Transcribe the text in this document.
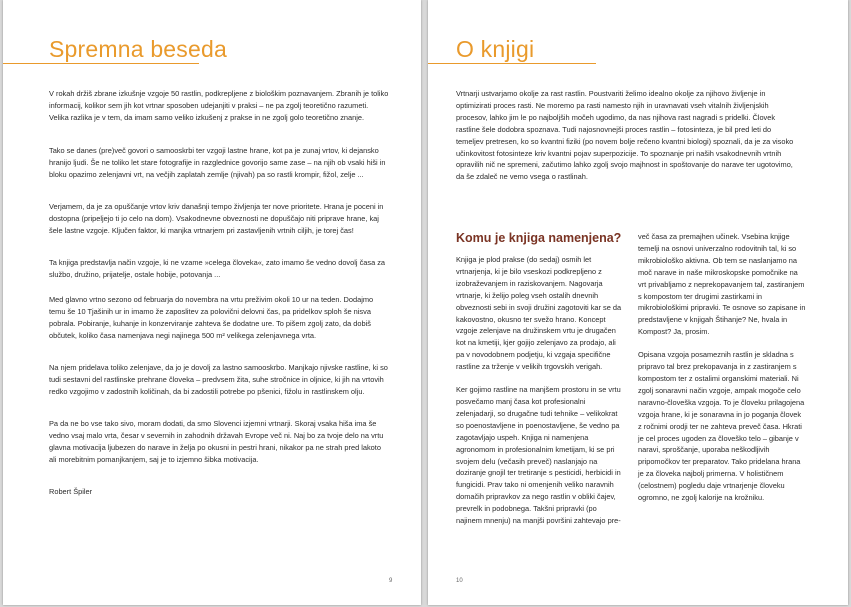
Spremna beseda

V rokah držiš zbrane izkušnje vzgoje 50 rastlin, podkrepljene z biološkim poznavanjem. Zbranih je toliko informacij, kolikor sem jih kot vrtnar sposoben udejanjiti v praksi – ne pa zgolj teoretično razumeti. Velika razlika je v tem, da imam samo veliko izkušenj z prakse in ne zgolj golo teoretično znanje.

Tako se danes (pre)več govori o samooskrbi ter vzgoji lastne hrane, kot pa je zunaj vrtov, ki dejansko hranijo ljudi. Še ne toliko let stare fotografije in razglednice govorijo same zase – na njih ob vsaki hiši in bloku opazimo zelenjavni vrt, na večjih zaplatah zemlje (njivah) pa so rastli krompir, fižol, zelje ...

Verjamem, da je za opuščanje vrtov kriv današnji tempo življenja ter nove prioritete. Hrana je poceni in dostopna (pripeljejo ti jo celo na dom). Vsakodnevne obveznosti ne dopuščajo niti priprave hrane, kaj šele lastne vzgoje. Ključen faktor, ki manjka vrtnarjem pri zastavljenih vrtnih ciljih, je torej čas!

Ta knjiga predstavlja način vzgoje, ki ne vzame »celega človeka«, zato imamo še vedno dovolj časa za službo, družino, prijatelje, ostale hobije, potovanja ...

Med glavno vrtno sezono od februarja do novembra na vrtu preživim okoli 10 ur na teden. Dodajmo temu še 10 Tjašinih ur in imamo že zaposlitev za polovični delovni čas, pa pridelkov sploh še nisva pobrala. Pobiranje, kuhanje in konzerviranje zahteva še dodatne ure. To pišem zgolj zato, da dobiš občutek, koliko časa namenjava negi najinega 500 m² velikega zelenjavnega vrta.

Na njem pridelava toliko zelenjave, da jo je dovolj za lastno samooskrbo. Manjkajo njivske rastline, ki so tudi sestavni del rastlinske prehrane človeka – predvsem žita, suhe stročnice in oljnice, ki jih na vrtovih redko vzgojimo v zadostnih količinah, da bi zadostili potrebe po pšenici, fižolu in rastlinskem olju.

Pa da ne bo vse tako sivo, moram dodati, da smo Slovenci izjemni vrtnarji. Skoraj vsaka hiša ima še vedno vsaj malo vrta, česar v severnih in zahodnih državah Evrope več ni. Naj bo za tvoje delo na vrtu glavna motivacija ljubezen do narave in želja po okusni in pestri hrani, nikakor pa ne strah pred lakoto ali morebitnim pomanjkanjem, saj je to izjemno šibka motivacija.

Robert Špiler

9
O knjigi

Vrtnarji ustvarjamo okolje za rast rastlin. Poustvariti želimo idealno okolje za njihovo življenje in optimizirati proces rasti. Ne moremo pa rasti namesto njih in uravnavati vseh vitalnih življenjskih procesov, lahko jim le po najboljših močeh ugodimo, da nas njihova rast nagradi s pridelki. Človek rastline šele dodobra spoznava. Tudi najosnovnejši proces rastlin – fotosinteza, je bil pred leti do temeljev pretresen, ko so kvantni fiziki (po novem bolje rečeno kvantni biologi) spoznali, da je za visoko učinkovitost fotosinteze kriv kvantni pojav superpozicije. To spoznanje pri naših vsakodnevnih vrtnih opravilih nič ne spremeni, začutimo lahko zgolj svojo majhnost in spoštovanje do narave ter ugotovimo, da še zdaleč ne vemo vsega o rastlinah.

Komu je knjiga namenjena?

Knjiga je plod prakse (do sedaj) osmih let vrtnarjenja, ki je bilo vseskozi podkrepljeno z izobraževanjem in raziskovanjem. Nagovarja vrtnarje, ki želijo poleg vseh ostalih dnevnih obveznosti sebi in svoji družini zagotoviti kar se da kakovostno, okusno ter svežo hrano. Koncept vzgoje zelenjave na družinskem vrtu je drugačen kot na kmetiji, kjer gojijo zelenjavo za prodajo, ali pa v novodobnem podjetju, ki vzgaja specifične rastline za trženje v velikih trgovskih verigah.

Ker gojimo rastline na manjšem prostoru in se vrtu posvečamo manj časa kot profesionalni zelenjadarji, so drugačne tudi tehnike – velikokrat so poenostavljene in poenostavljene, še vedno pa zagotavljajo uspeh. Knjiga ni namenjena agronomom in profesionalnim kmetijam, ki se pri svojem delu (večasih preveč) naslanjajo na doziranje gnojil ter tretiranje s pesticidi, herbicidi in fungicidi. Prav tako ni omenjenih veliko naravnih domačih pripravkov za nego rastlin v obliki čajev, prevrelk in podobnega. Takšni pripravki (po najinem mnenju) na manjši površini zahtevajo pre-

več časa za premajhen učinek. Vsebina knjige temelji na osnovi univerzalno rodovitnih tal, ki so mikrobiološko aktivna. Ob tem se naslanjamo na moč narave in naše mikroskopske pomočnike na vrt privabljamo z neprekopavanjem tal, zastiranjem s kompostom ter drugimi zastirkami in mikrobiološkimi pripravki. Te osnove so zapisane in predstavljene v knjigah Štihanje? Ne, hvala in Kompost? Ja, prosim.

Opisana vzgoja posameznih rastlin je skladna s pripravo tal brez prekopavanja in z zastiranjem s kompostom ter z ostalimi organskimi materiali. Ni zgolj sonaravni način vzgoje, ampak mogoče celo naravno-človeška vzgoja. To je človeku prilagojena vzgoja hrane, ki je sonaravna in jo poganja človek z ročnimi orodji ter ne zahteva preveč časa. Hkrati je cel proces ugoden za človeško telo – gibanje v naravi, sproščanje, uporaba neškodljivih pripomočkov ter preparatov. Tako pridelana hrana je za človeka najbolj primerna. V holističnem (celostnem) pogledu daje vrtnarjenje človeku ogromno, ne zgolj kalorije na krožniku.

10
